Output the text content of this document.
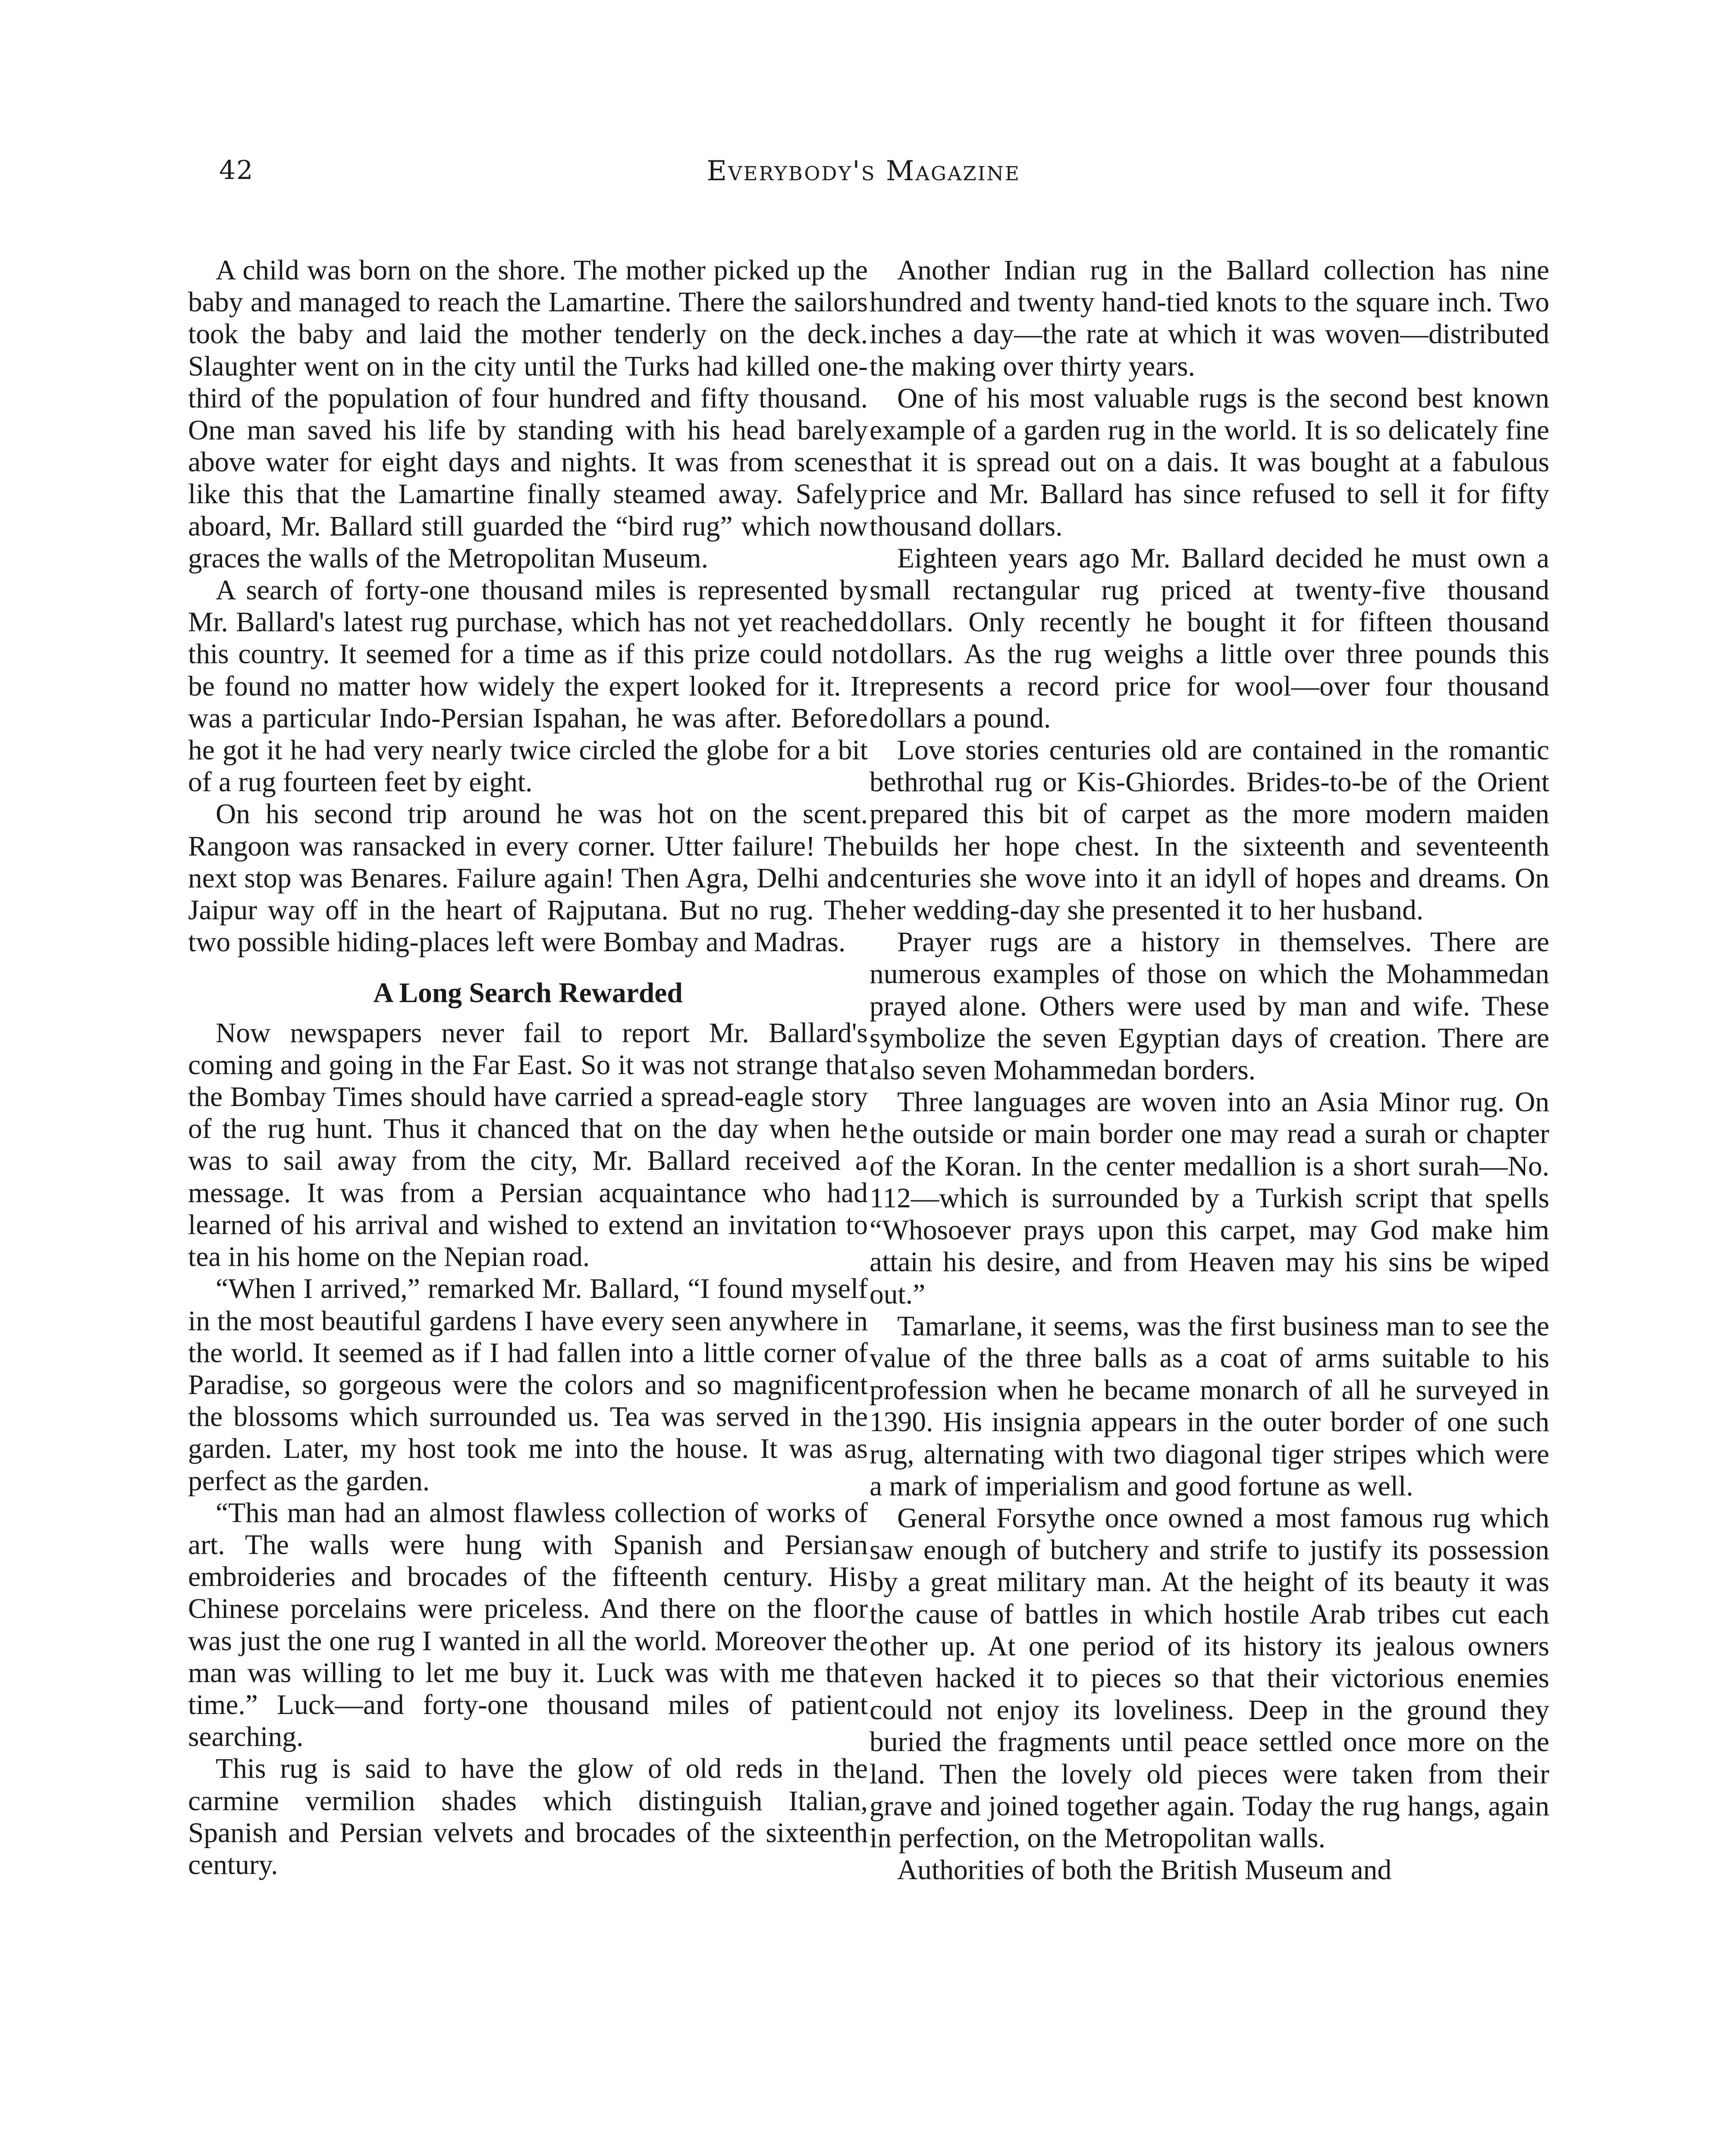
42	Everybody's Magazine

A child was born on the shore. The mother picked up the baby and managed to reach the Lamartine. There the sailors took the baby and laid the mother tenderly on the deck. Slaughter went on in the city until the Turks had killed one-third of the population of four hundred and fifty thousand. One man saved his life by standing with his head barely above water for eight days and nights. It was from scenes like this that the Lamartine finally steamed away. Safely aboard, Mr. Ballard still guarded the “bird rug” which now graces the walls of the Metropolitan Museum.

A search of forty-one thousand miles is represented by Mr. Ballard's latest rug purchase, which has not yet reached this country. It seemed for a time as if this prize could not be found no matter how widely the expert looked for it. It was a particular Indo-Persian Ispahan, he was after. Before he got it he had very nearly twice circled the globe for a bit of a rug fourteen feet by eight.

On his second trip around he was hot on the scent. Rangoon was ransacked in every corner. Utter failure! The next stop was Benares. Failure again! Then Agra, Delhi and Jaipur way off in the heart of Rajputana. But no rug. The two possible hiding-places left were Bombay and Madras.

A Long Search Rewarded

Now newspapers never fail to report Mr. Ballard's coming and going in the Far East. So it was not strange that the Bombay Times should have carried a spread-eagle story of the rug hunt. Thus it chanced that on the day when he was to sail away from the city, Mr. Ballard received a message. It was from a Persian acquaintance who had learned of his arrival and wished to extend an invitation to tea in his home on the Nepian road.

“When I arrived,” remarked Mr. Ballard, “I found myself in the most beautiful gardens I have every seen anywhere in the world. It seemed as if I had fallen into a little corner of Paradise, so gorgeous were the colors and so magnificent the blossoms which surrounded us. Tea was served in the garden. Later, my host took me into the house. It was as perfect as the garden.

“This man had an almost flawless collection of works of art. The walls were hung with Spanish and Persian embroideries and brocades of the fifteenth century. His Chinese porcelains were priceless. And there on the floor was just the one rug I wanted in all the world. Moreover the man was willing to let me buy it. Luck was with me that time.” Luck—and forty-one thousand miles of patient searching.

This rug is said to have the glow of old reds in the carmine vermilion shades which distinguish Italian, Spanish and Persian velvets and brocades of the sixteenth century.

Another Indian rug in the Ballard collection has nine hundred and twenty hand-tied knots to the square inch. Two inches a day—the rate at which it was woven—distributed the making over thirty years.

One of his most valuable rugs is the second best known example of a garden rug in the world. It is so delicately fine that it is spread out on a dais. It was bought at a fabulous price and Mr. Ballard has since refused to sell it for fifty thousand dollars.

Eighteen years ago Mr. Ballard decided he must own a small rectangular rug priced at twenty-five thousand dollars. Only recently he bought it for fifteen thousand dollars. As the rug weighs a little over three pounds this represents a record price for wool—over four thousand dollars a pound.

Love stories centuries old are contained in the romantic bethrothal rug or Kis-Ghiordes. Brides-to-be of the Orient prepared this bit of carpet as the more modern maiden builds her hope chest. In the sixteenth and seventeenth centuries she wove into it an idyll of hopes and dreams. On her wedding-day she presented it to her husband.

Prayer rugs are a history in themselves. There are numerous examples of those on which the Mohammedan prayed alone. Others were used by man and wife. These symbolize the seven Egyptian days of creation. There are also seven Mohammedan borders.

Three languages are woven into an Asia Minor rug. On the outside or main border one may read a surah or chapter of the Koran. In the center medallion is a short surah—No. 112—which is surrounded by a Turkish script that spells “Whosoever prays upon this carpet, may God make him attain his desire, and from Heaven may his sins be wiped out.”

Tamarlane, it seems, was the first business man to see the value of the three balls as a coat of arms suitable to his profession when he became monarch of all he surveyed in 1390. His insignia appears in the outer border of one such rug, alternating with two diagonal tiger stripes which were a mark of imperialism and good fortune as well.

General Forsythe once owned a most famous rug which saw enough of butchery and strife to justify its possession by a great military man. At the height of its beauty it was the cause of battles in which hostile Arab tribes cut each other up. At one period of its history its jealous owners even hacked it to pieces so that their victorious enemies could not enjoy its loveliness. Deep in the ground they buried the fragments until peace settled once more on the land. Then the lovely old pieces were taken from their grave and joined together again. Today the rug hangs, again in perfection, on the Metropolitan walls.

Authorities of both the British Museum and
